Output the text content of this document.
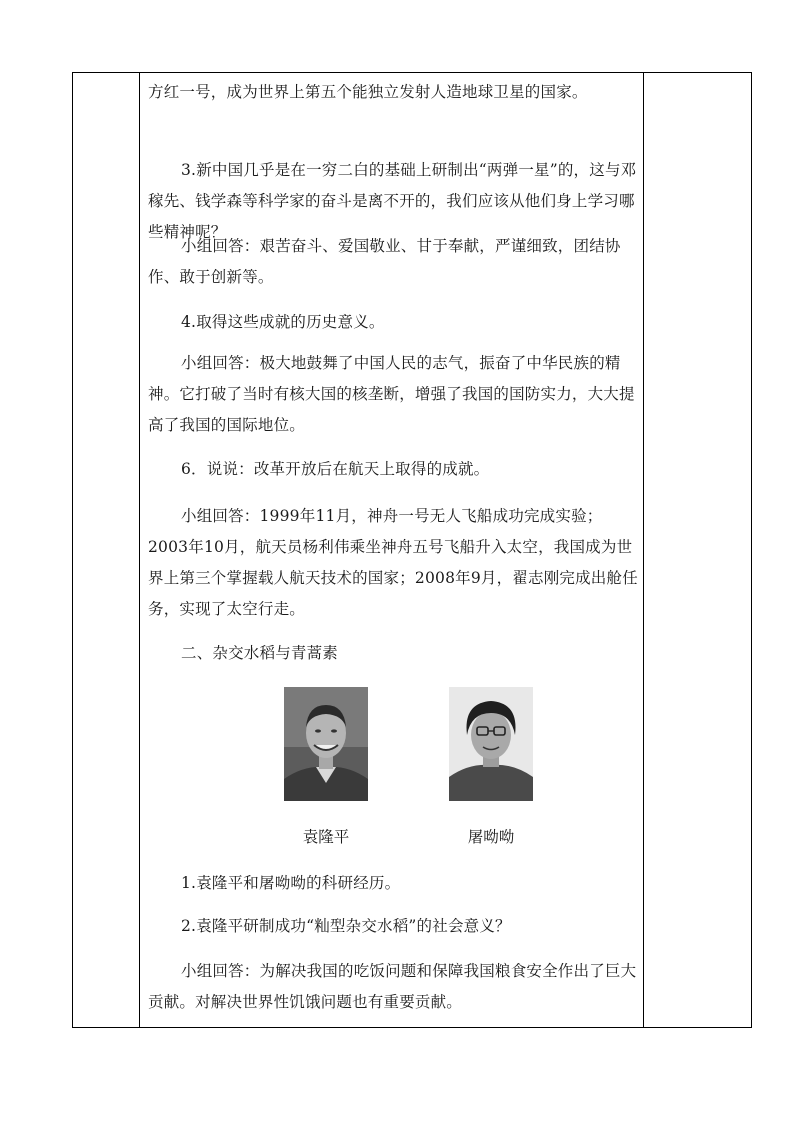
方红一号，成为世界上第五个能独立发射人造地球卫星的国家。

3.新中国几乎是在一穷二白的基础上研制出“两弹一星”的，这与邓稼先、钱学森等科学家的奋斗是离不开的，我们应该从他们身上学习哪些精神呢？

小组回答：艰苦奋斗、爱国敬业、甘于奉献，严谨细致，团结协作、敢于创新等。

4.取得这些成就的历史意义。

小组回答：极大地鼓舞了中国人民的志气，振奋了中华民族的精神。它打破了当时有核大国的核垄断，增强了我国的国防实力，大大提高了我国的国际地位。

6．说说：改革开放后在航天上取得的成就。

小组回答：1999年11月，神舟一号无人飞船成功完成实验；2003年10月，航天员杨利伟乘坐神舟五号飞船升入太空，我国成为世界上第三个掌握载人航天技术的国家；2008年9月，翟志刚完成出舱任务，实现了太空行走。

二、杂交水稻与青蒿素

袁隆平	屠呦呦

1.袁隆平和屠呦呦的科研经历。

2.袁隆平研制成功“籼型杂交水稻”的社会意义？

小组回答：为解决我国的吃饭问题和保障我国粮食安全作出了巨大贡献。对解决世界性饥饿问题也有重要贡献。
